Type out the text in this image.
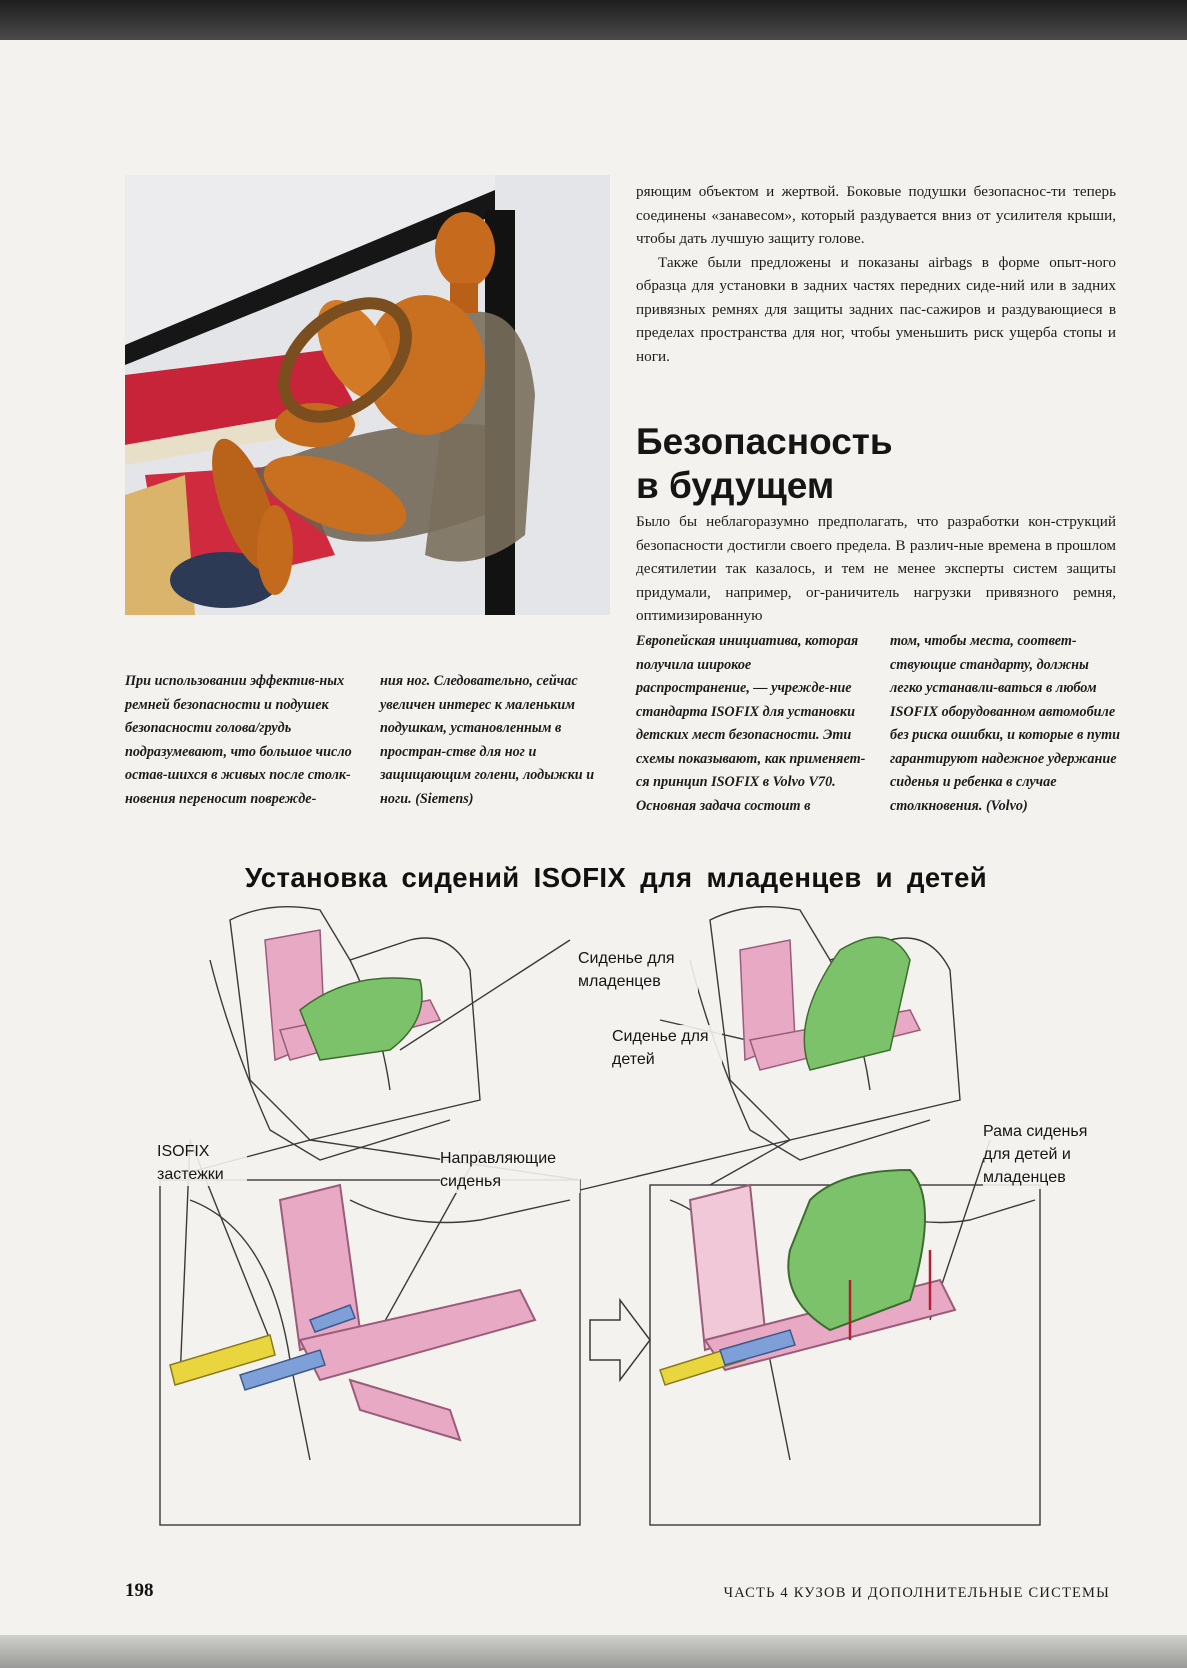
ряющим объектом и жертвой. Боковые подушки безопаснос-ти теперь соединены «занавесом», который раздувается вниз от усилителя крыши, чтобы дать лучшую защиту голове.

Также были предложены и показаны airbags в форме опыт-ного образца для установки в задних частях передних сиде-ний или в задних привязных ремнях для защиты задних пас-сажиров и раздувающиеся в пределах пространства для ног, чтобы уменьшить риск ущерба стопы и ноги.

Безопасность
в будущем

Было бы неблагоразумно предполагать, что разработки кон-струкций безопасности достигли своего предела. В различ-ные времена в прошлом десятилетии так казалось, и тем не менее эксперты систем защиты придумали, например, ог-раничитель нагрузки привязного ремня, оптимизированную

При использовании эффектив-ных ремней безопасности и подушек безопасности голова/грудь подразумевают, что большое число остав-шихся в живых после столк-новения переносит поврежде-
ния ног. Следовательно, сейчас увеличен интерес к маленьким подушкам, установленным в простран-стве для ног и защищающим голени, лодыжки и ноги. (Siemens)
Европейская инициатива, которая получила широкое распространение, — учрежде-ние стандарта ISOFIX для установки детских мест безопасности. Эти схемы показывают, как применяет-ся принцип ISOFIX в Volvo V70. Основная задача состоит в
том, чтобы места, соответ-ствующие стандарту, должны легко устанавли-ваться в любом ISOFIX оборудованном автомобиле без риска ошибки, и которые в пути гарантируют надежное удержание сиденья и ребенка в случае столкновения. (Volvo)
Установка сидений ISOFIX для младенцев и детей
Сиденье для младенцев
Сиденье для детей
ISOFIX застежки
Направляющие сиденья
Рама сиденья для детей и младенцев
198	ЧАСТЬ 4 КУЗОВ И ДОПОЛНИТЕЛЬНЫЕ СИСТЕМЫ
